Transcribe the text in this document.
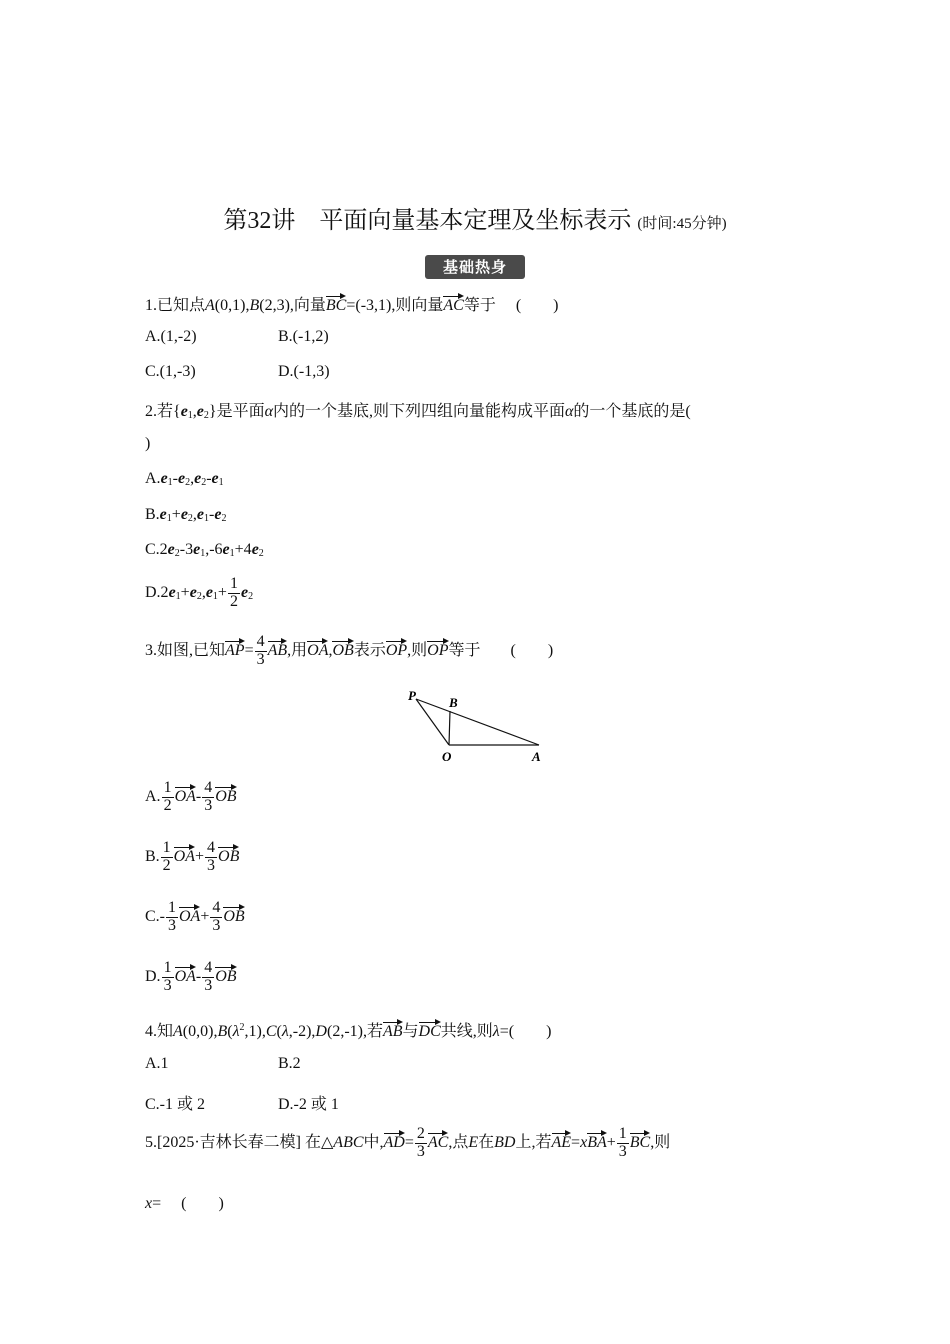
第32讲　平面向量基本定理及坐标表示 (时间:45分钟)
基础热身
1.已知点A(0,1),B(2,3),向量BC=(-3,1),则向量AC等于 (　　)
A.(1,-2)	B.(-1,2)
C.(1,-3)	D.(-1,3)
2.若{e1,e2}是平面α内的一个基底,则下列四组向量能构成平面α的一个基底的是(
)
A.e1-e2,e2-e1
B.e1+e2,e1-e2
C.2e2-3e1,-6e1+4e2
$D.2e1+e2,e1+ \frac{1}{2} e2$
3.如图,已知$AP= \frac{4}{3}$ AB,用OA,OB表示OP,则OP等于 (　　)
P	B
O	A
A. $\frac{1}{2} OA- \frac{4}{3}$ OB
B. $\frac{1}{2} OA+ \frac{4}{3}$ OB
$C.- \frac{1}{3} OA+ \frac{4}{3}$ OB
D. $\frac{1}{3} OA- \frac{4}{3}$ OB
4.知$A(0,0),B(\lambda^2,1),C(\lambda,-2),D(2,-1)$,若AB与DC共线,则λ=(　　)
A.1	B.2
C.-1 或 2	D.-2 或 1
5.[2025·吉林长春二模] 在△ABC中$,AD= \frac{2}{3}$ AC,点E在BD上,若$AE=xBA+ \frac{1}{3}$ BC,则
x= (　　)
